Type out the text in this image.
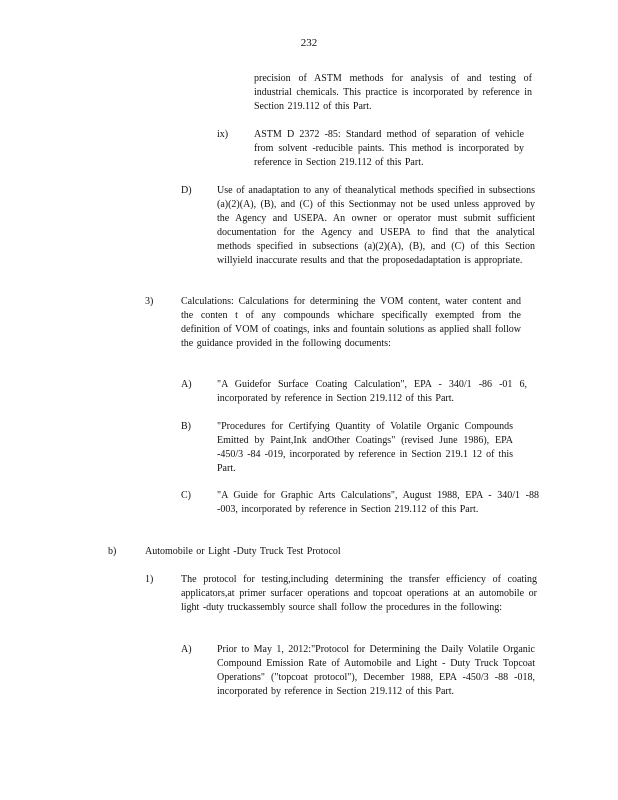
232
precision of ASTM methods for analysis of and testing of industrial chemicals. This practice is incorporated by reference in Section 219.112 of this Part.
ix)	ASTM D 2372 -85: Standard method of separation of vehicle from solvent -reducible paints. This method is incorporated by reference in Section 219.112 of this Part.
D)	Use of anadaptation to any of theanalytical methods specified in subsections (a)(2)(A), (B), and (C) of this Sectionmay not be used unless approved by the Agency and USEPA. An owner or operator must submit sufficient documentation for the Agency and USEPA to find that the analytical methods specified in subsections (a)(2)(A), (B), and (C) of this Section willyield inaccurate results and that the proposedadaptation is appropriate.
3)	Calculations: Calculations for determining the VOM content, water content and the conten t of any compounds whichare specifically exempted from the definition of VOM of coatings, inks and fountain solutions as applied shall follow the guidance provided in the following documents:
A)	"A Guidefor Surface Coating Calculation", EPA - 340/1 -86 -01 6, incorporated by reference in Section 219.112 of this Part.
B)	"Procedures for Certifying Quantity of Volatile Organic Compounds Emitted by Paint,Ink andOther Coatings" (revised June 1986), EPA -450/3 -84 -019, incorporated by reference in Section 219.1 12 of this Part.
C)	"A Guide for Graphic Arts Calculations", August 1988, EPA - 340/1 -88 -003, incorporated by reference in Section 219.112 of this Part.
b)	Automobile or Light -Duty Truck Test Protocol
1)	The protocol for testing,including determining the transfer efficiency of coating applicators,at primer surfacer operations and topcoat operations at an automobile or light -duty truckassembly source shall follow the procedures in the following:
A)	Prior to May 1, 2012:"Protocol for Determining the Daily Volatile Organic Compound Emission Rate of Automobile and Light - Duty Truck Topcoat Operations" ("topcoat protocol"), December 1988, EPA -450/3 -88 -018, incorporated by reference in Section 219.112 of this Part.
